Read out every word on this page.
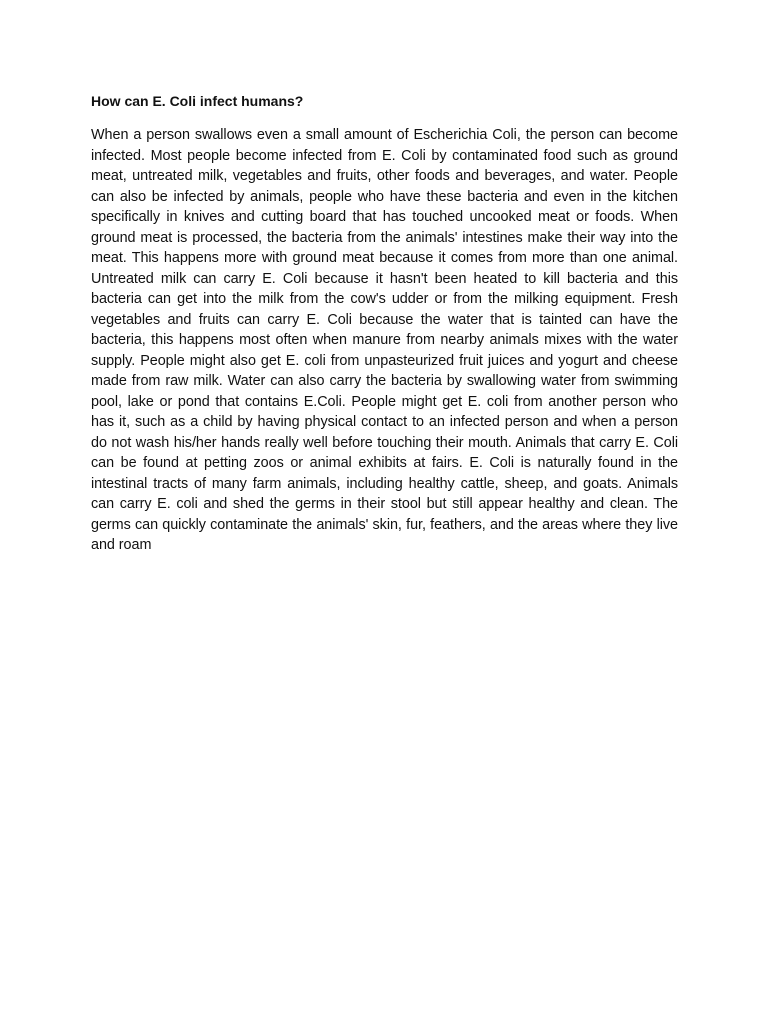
How can E. Coli infect humans?

When a person swallows even a small amount of Escherichia Coli, the person can become infected. Most people become infected from E. Coli by contaminated food such as ground meat, untreated milk, vegetables and fruits, other foods and beverages, and water. People can also be infected by animals, people who have these bacteria and even in the kitchen specifically in knives and cutting board that has touched uncooked meat or foods. When ground meat is processed, the bacteria from the animals' intestines make their way into the meat. This happens more with ground meat because it comes from more than one animal. Untreated milk can carry E. Coli because it hasn't been heated to kill bacteria and this bacteria can get into the milk from the cow's udder or from the milking equipment. Fresh vegetables and fruits can carry E. Coli because the water that is tainted can have the bacteria, this happens most often when manure from nearby animals mixes with the water supply. People might also get E. coli from unpasteurized fruit juices and yogurt and cheese made from raw milk. Water can also carry the bacteria by swallowing water from swimming pool, lake or pond that contains E.Coli. People might get E. coli from another person who has it, such as a child by having physical contact to an infected person and when a person do not wash his/her hands really well before touching their mouth. Animals that carry E. Coli can be found at petting zoos or animal exhibits at fairs. E. Coli is naturally found in the intestinal tracts of many farm animals, including healthy cattle, sheep, and goats. Animals can carry E. coli and shed the germs in their stool but still appear healthy and clean. The germs can quickly contaminate the animals' skin, fur, feathers, and the areas where they live and roam
